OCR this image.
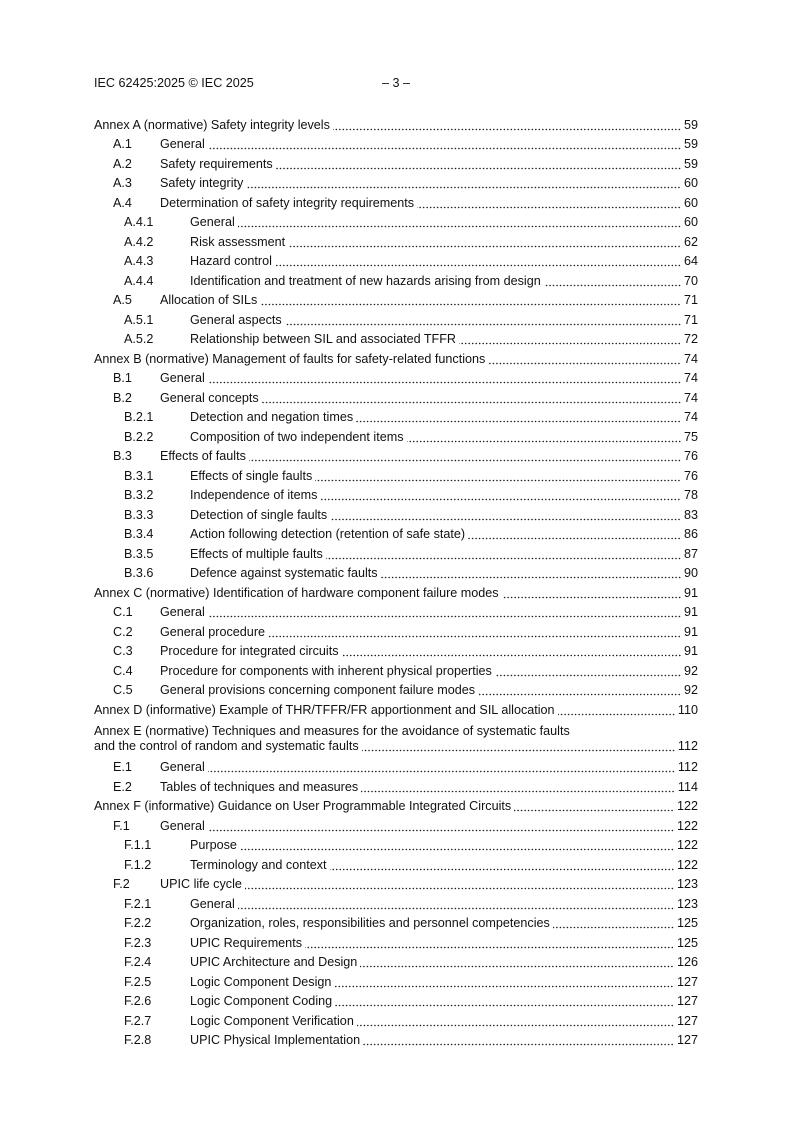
IEC 62425:2025 © IEC 2025	– 3 –
Annex A (normative) Safety integrity levels	59
A.1	General	59
A.2	Safety requirements	59
A.3	Safety integrity	60
A.4	Determination of safety integrity requirements	60
A.4.1	General	60
A.4.2	Risk assessment	62
A.4.3	Hazard control	64
A.4.4	Identification and treatment of new hazards arising from design	70
A.5	Allocation of SILs	71
A.5.1	General aspects	71
A.5.2	Relationship between SIL and associated TFFR	72
Annex B (normative) Management of faults for safety-related functions	74
B.1	General	74
B.2	General concepts	74
B.2.1	Detection and negation times	74
B.2.2	Composition of two independent items	75
B.3	Effects of faults	76
B.3.1	Effects of single faults	76
B.3.2	Independence of items	78
B.3.3	Detection of single faults	83
B.3.4	Action following detection (retention of safe state)	86
B.3.5	Effects of multiple faults	87
B.3.6	Defence against systematic faults	90
Annex C (normative) Identification of hardware component failure modes	91
C.1	General	91
C.2	General procedure	91
C.3	Procedure for integrated circuits	91
C.4	Procedure for components with inherent physical properties	92
C.5	General provisions concerning component failure modes	92
Annex D (informative) Example of THR/TFFR/FR apportionment and SIL allocation	110
Annex E (normative) Techniques and measures for the avoidance of systematic faults
and the control of random and systematic faults	112
E.1	General	112
E.2	Tables of techniques and measures	114
Annex F (informative) Guidance on User Programmable Integrated Circuits	122
F.1	General	122
F.1.1	Purpose	122
F.1.2	Terminology and context	122
F.2	UPIC life cycle	123
F.2.1	General	123
F.2.2	Organization, roles, responsibilities and personnel competencies	125
F.2.3	UPIC Requirements	125
F.2.4	UPIC Architecture and Design	126
F.2.5	Logic Component Design	127
F.2.6	Logic Component Coding	127
F.2.7	Logic Component Verification	127
F.2.8	UPIC Physical Implementation	127
